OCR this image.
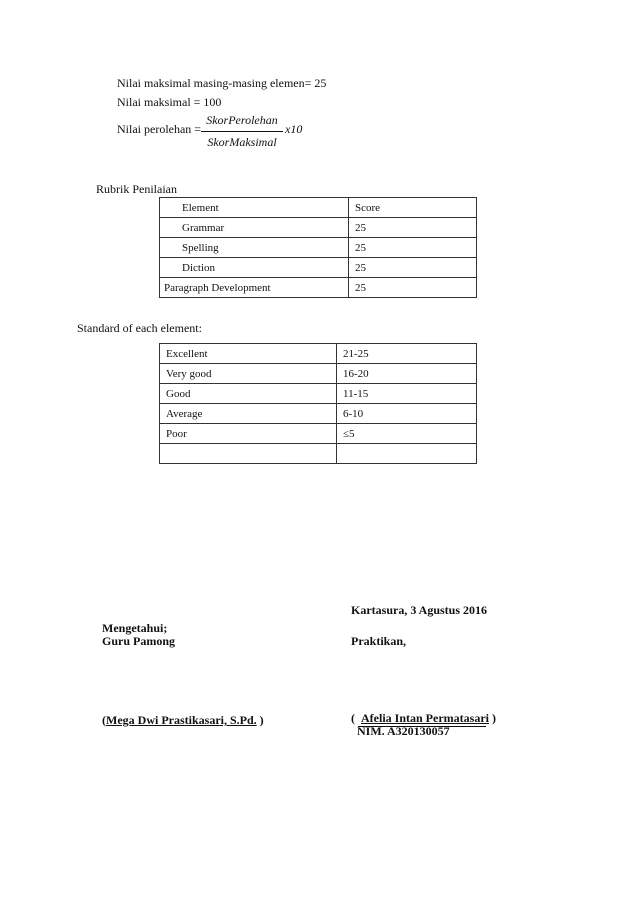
Nilai maksimal masing-masing elemen= 25
Nilai maksimal = 100
Nilai perolehan =
SkorPerolehan
SkorMaksimal
x10
Rubrik Penilaian
Element	Score
Grammar	25
Spelling	25
Diction	25
Paragraph Development	25
Standard of each element:
Excellent	21-25
Very good	16-20
Good	11-15
Average	6-10
Poor	≤5

Kartasura, 3 Agustus 2016
Mengetahui;
Guru Pamong	Praktikan,
(Mega Dwi Prastikasari, S.Pd. )	( Afelia Intan Permatasari )
NIM. A320130057
